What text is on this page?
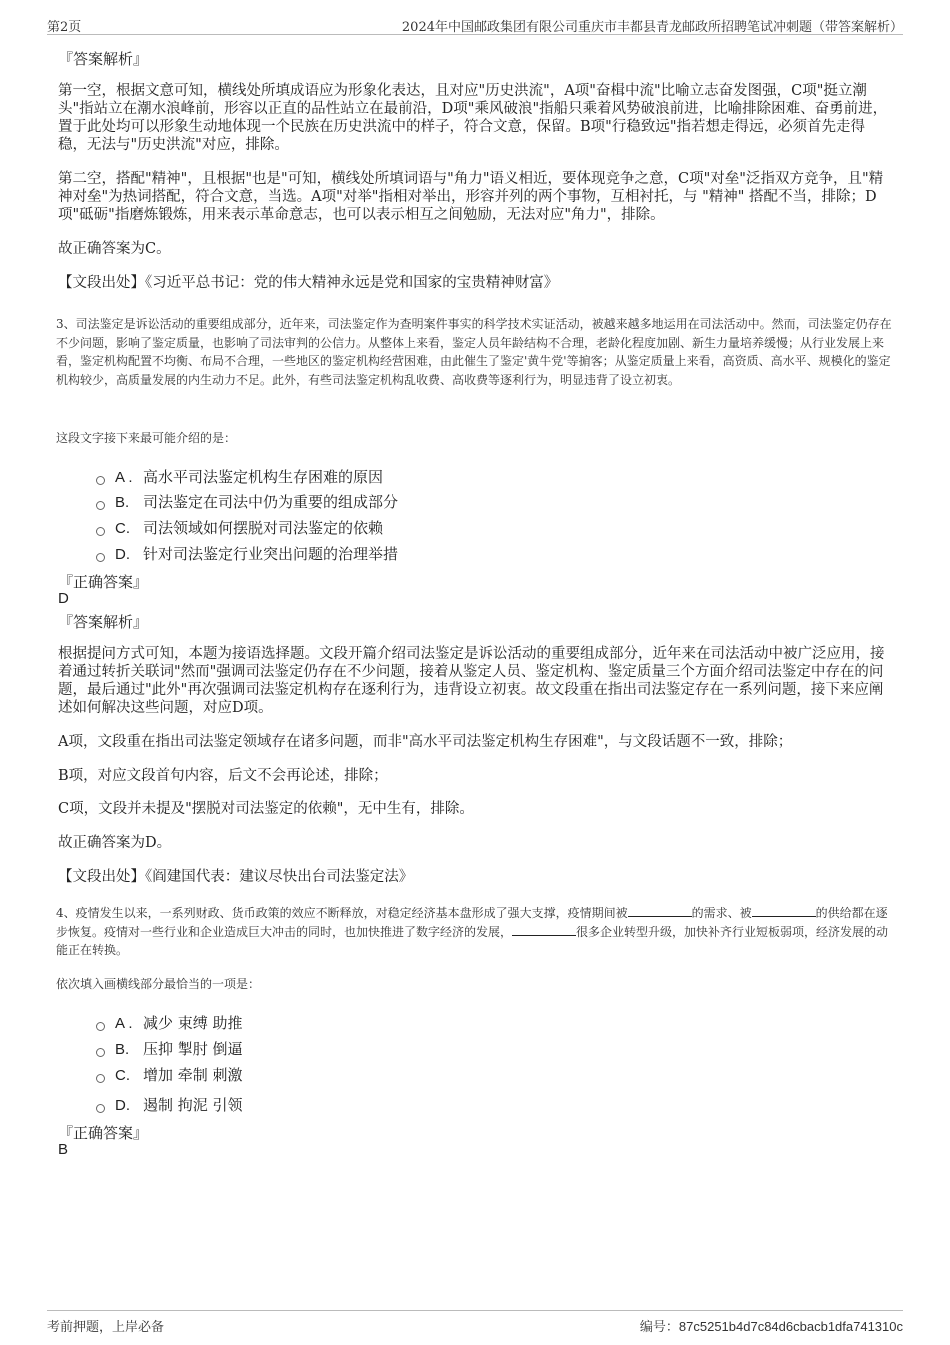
第2页	2024年中国邮政集团有限公司重庆市丰都县青龙邮政所招聘笔试冲刺题（带答案解析）

『答案解析』

第一空，根据文意可知，横线处所填成语应为形象化表达，且对应"历史洪流"，A项"奋楫中流"比喻立志奋发图强，C项"挺立潮头"指站立在潮水浪峰前，形容以正直的品性站立在最前沿，D项"乘风破浪"指船只乘着风势破浪前进，比喻排除困难、奋勇前进，置于此处均可以形象生动地体现一个民族在历史洪流中的样子，符合文意，保留。B项"行稳致远"指若想走得远，必须首先走得稳，无法与"历史洪流"对应，排除。

第二空，搭配"精神"，且根据"也是"可知，横线处所填词语与"角力"语义相近，要体现竞争之意，C项"对垒"泛指双方竞争，且"精神对垒"为热词搭配，符合文意，当选。A项"对举"指相对举出，形容并列的两个事物，互相衬托，与 "精神" 搭配不当，排除；D项"砥砺"指磨炼锻炼，用来表示革命意志，也可以表示相互之间勉励，无法对应"角力"，排除。

故正确答案为C。

【文段出处】《习近平总书记：党的伟大精神永远是党和国家的宝贵精神财富》

3、司法鉴定是诉讼活动的重要组成部分，近年来，司法鉴定作为查明案件事实的科学技术实证活动，被越来越多地运用在司法活动中。然而，司法鉴定仍存在不少问题，影响了鉴定质量，也影响了司法审判的公信力。从整体上来看，鉴定人员年龄结构不合理，老龄化程度加剧、新生力量培养缓慢；从行业发展上来看，鉴定机构配置不均衡、布局不合理，一些地区的鉴定机构经营困难，由此催生了鉴定'黄牛党'等掮客；从鉴定质量上来看，高资质、高水平、规模化的鉴定机构较少，高质量发展的内生动力不足。此外，有些司法鉴定机构乱收费、高收费等逐利行为，明显违背了设立初衷。

这段文字接下来最可能介绍的是：

A . 高水平司法鉴定机构生存困难的原因

B. 司法鉴定在司法中仍为重要的组成部分

C. 司法领域如何摆脱对司法鉴定的依赖

D. 针对司法鉴定行业突出问题的治理举措

『正确答案』

D

『答案解析』

根据提问方式可知，本题为接语选择题。文段开篇介绍司法鉴定是诉讼活动的重要组成部分，近年来在司法活动中被广泛应用，接着通过转折关联词"然而"强调司法鉴定仍存在不少问题，接着从鉴定人员、鉴定机构、鉴定质量三个方面介绍司法鉴定中存在的问题，最后通过"此外"再次强调司法鉴定机构存在逐利行为，违背设立初衷。故文段重在指出司法鉴定存在一系列问题，接下来应阐述如何解决这些问题，对应D项。

A项，文段重在指出司法鉴定领域存在诸多问题，而非"高水平司法鉴定机构生存困难"，与文段话题不一致，排除；

B项，对应文段首句内容，后文不会再论述，排除；

C项，文段并未提及"摆脱对司法鉴定的依赖"，无中生有，排除。

故正确答案为D。

【文段出处】《阎建国代表：建议尽快出台司法鉴定法》

4、疫情发生以来，一系列财政、货币政策的效应不断释放，对稳定经济基本盘形成了强大支撑，疫情期间被	的需求、被	的供给都在逐步恢复。疫情对一些行业和企业造成巨大冲击的同时，也加快推进了数字经济的发展，	很多企业转型升级，加快补齐行业短板弱项，经济发展的动能正在转换。

依次填入画横线部分最恰当的一项是：

A . 减少 束缚 助推

B. 压抑 掣肘 倒逼

C. 增加 牵制 刺激

D. 遏制 拘泥 引领

『正确答案』

B

考前押题，上岸必备	编号：87c5251b4d7c84d6cbacb1dfa741310c
